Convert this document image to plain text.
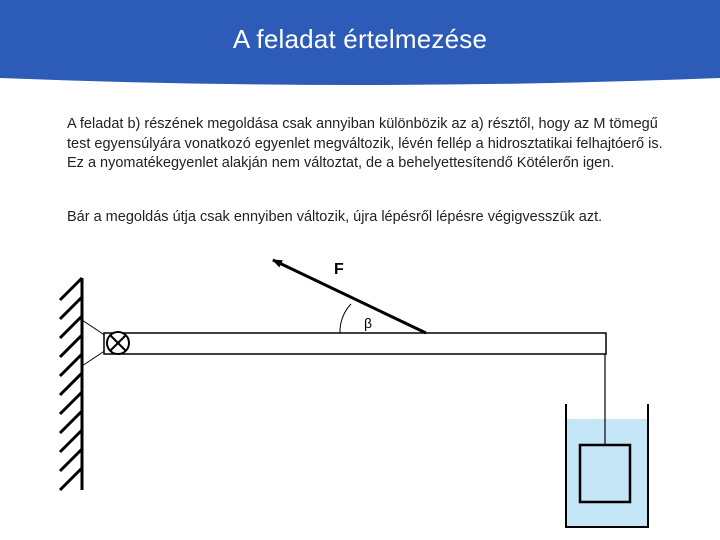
A feladat értelmezése
A feladat b) részének megoldása csak annyiban különbözik az a) résztől, hogy az M tömegű test egyensúlyára vonatkozó egyenlet megváltozik, lévén fellép a hidrosztatikai felhajtóerő is. Ez a nyomatékegyenlet alakján nem változtat, de a behelyettesítendő Kötélerőn igen.
Bár a megoldás útja csak ennyiben változik, újra lépésről lépésre végigvesszük azt.
F
β
